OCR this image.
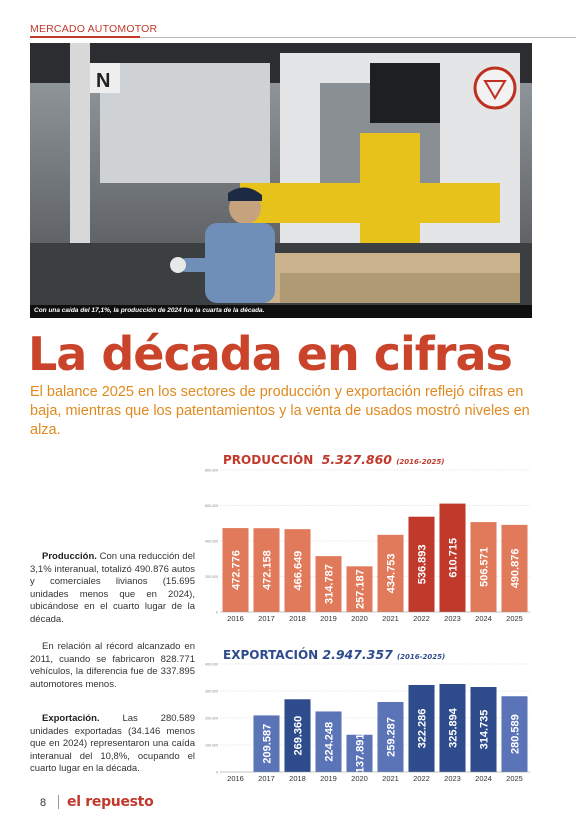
MERCADO AUTOMOTOR
N
Con una caída del 17,1%, la producción de 2024 fue la cuarta de la década.
La década en cifras

El balance 2025 en los sectores de producción y exportación reflejó cifras en baja, mientras que los patentamientos y la venta de usados mostró niveles en alza.

PRODUCCIÓN 5.327.860 (2016-2025)
0
200.000
400.000
600.000
800.000
472.776
2016
472.158
2017
466.649
2018
314.787
2019
257.187
2020
434.753
2021
536.893
2022
610.715
2023
506.571
2024
490.876
2025
EXPORTACIÓN 2.947.357 (2016-2025)
0
100.000
200.000
300.000
400.000
2016
209.587
2017
269.360
2018
224.248
2019
137.891
2020
259.287
2021
322.286
2022
325.894
2023
314.735
2024
280.589
2025
Producción. Con una reducción del 3,1% interanual, totalizó 490.876 autos y comerciales livianos (15.695 unidades menos que en 2024), ubicándose en el cuarto lugar de la década.
En relación al récord alcanzado en 2011, cuando se fabricaron 828.771 vehículos, la diferencia fue de 337.895 automotores menos.
Exportación. Las 280.589 unidades exportadas (34.146 menos que en 2024) representaron una caída interanual del 10,8%, ocupando el cuarto lugar en la década.
8 el repuesto
